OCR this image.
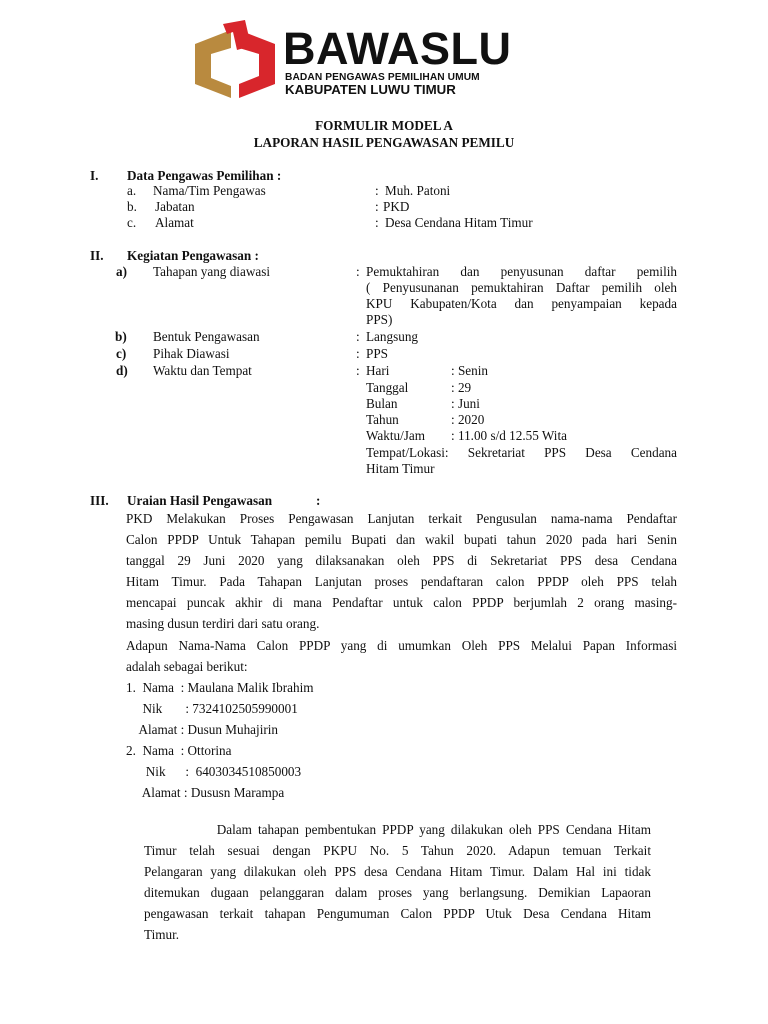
BAWASLU
BADAN PENGAWAS PEMILIHAN UMUM
KABUPATEN LUWU TIMUR
FORMULIR MODEL A
LAPORAN HASIL PENGAWASAN PEMILU
I. Data Pengawas Pemilihan :
a. Nama/Tim Pengawas	: Muh. Patoni
b. Jabatan	: PKD
c. Alamat	: Desa Cendana Hitam Timur
II. Kegiatan Pengawasan :
a) Tahapan yang diawasi	: Pemuktahiran dan penyusunan daftar pemilih
( Penyusunanan pemuktahiran Daftar pemilih oleh
KPU Kabupaten/Kota dan penyampaian kepada
PPS)
b) Bentuk Pengawasan	: Langsung
c) Pihak Diawasi	: PPS
d) Waktu dan Tempat	: Hari	: Senin
Tanggal	: 29
Bulan	: Juni
Tahun	: 2020
Waktu/Jam : 11.00 s/d 12.55 Wita
Tempat/Lokasi: Sekretariat PPS Desa Cendana
Hitam Timur
III. Uraian Hasil Pengawasan	:
PKD Melakukan Proses Pengawasan Lanjutan terkait Pengusulan nama-nama Pendaftar
Calon PPDP Untuk Tahapan pemilu Bupati dan wakil bupati tahun 2020 pada hari Senin
tanggal 29 Juni 2020 yang dilaksanakan oleh PPS di Sekretariat PPS desa Cendana
Hitam Timur. Pada Tahapan Lanjutan proses pendaftaran calon PPDP oleh PPS telah
mencapai puncak akhir di mana Pendaftar untuk calon PPDP berjumlah 2 orang masing-
masing dusun terdiri dari satu orang.
Adapun Nama-Nama Calon PPDP yang di umumkan Oleh PPS Melalui Papan Informasi
adalah sebagai berikut:
1.  Nama  : Maulana Malik Ibrahim
Nik       : 7324102505990001
Alamat : Dusun Muhajirin
2.  Nama  : Ottorina
Nik      :  6403034510850003
Alamat : Dususn Marampa
Dalam tahapan pembentukan PPDP yang dilakukan oleh PPS Cendana Hitam
Timur telah sesuai dengan PKPU No. 5 Tahun 2020. Adapun temuan Terkait
Pelangaran yang dilakukan oleh PPS desa Cendana Hitam Timur. Dalam Hal ini tidak
ditemukan dugaan pelanggaran dalam proses yang berlangsung. Demikian Lapaoran
pengawasan terkait tahapan Pengumuman Calon PPDP Utuk Desa Cendana Hitam
Timur.
